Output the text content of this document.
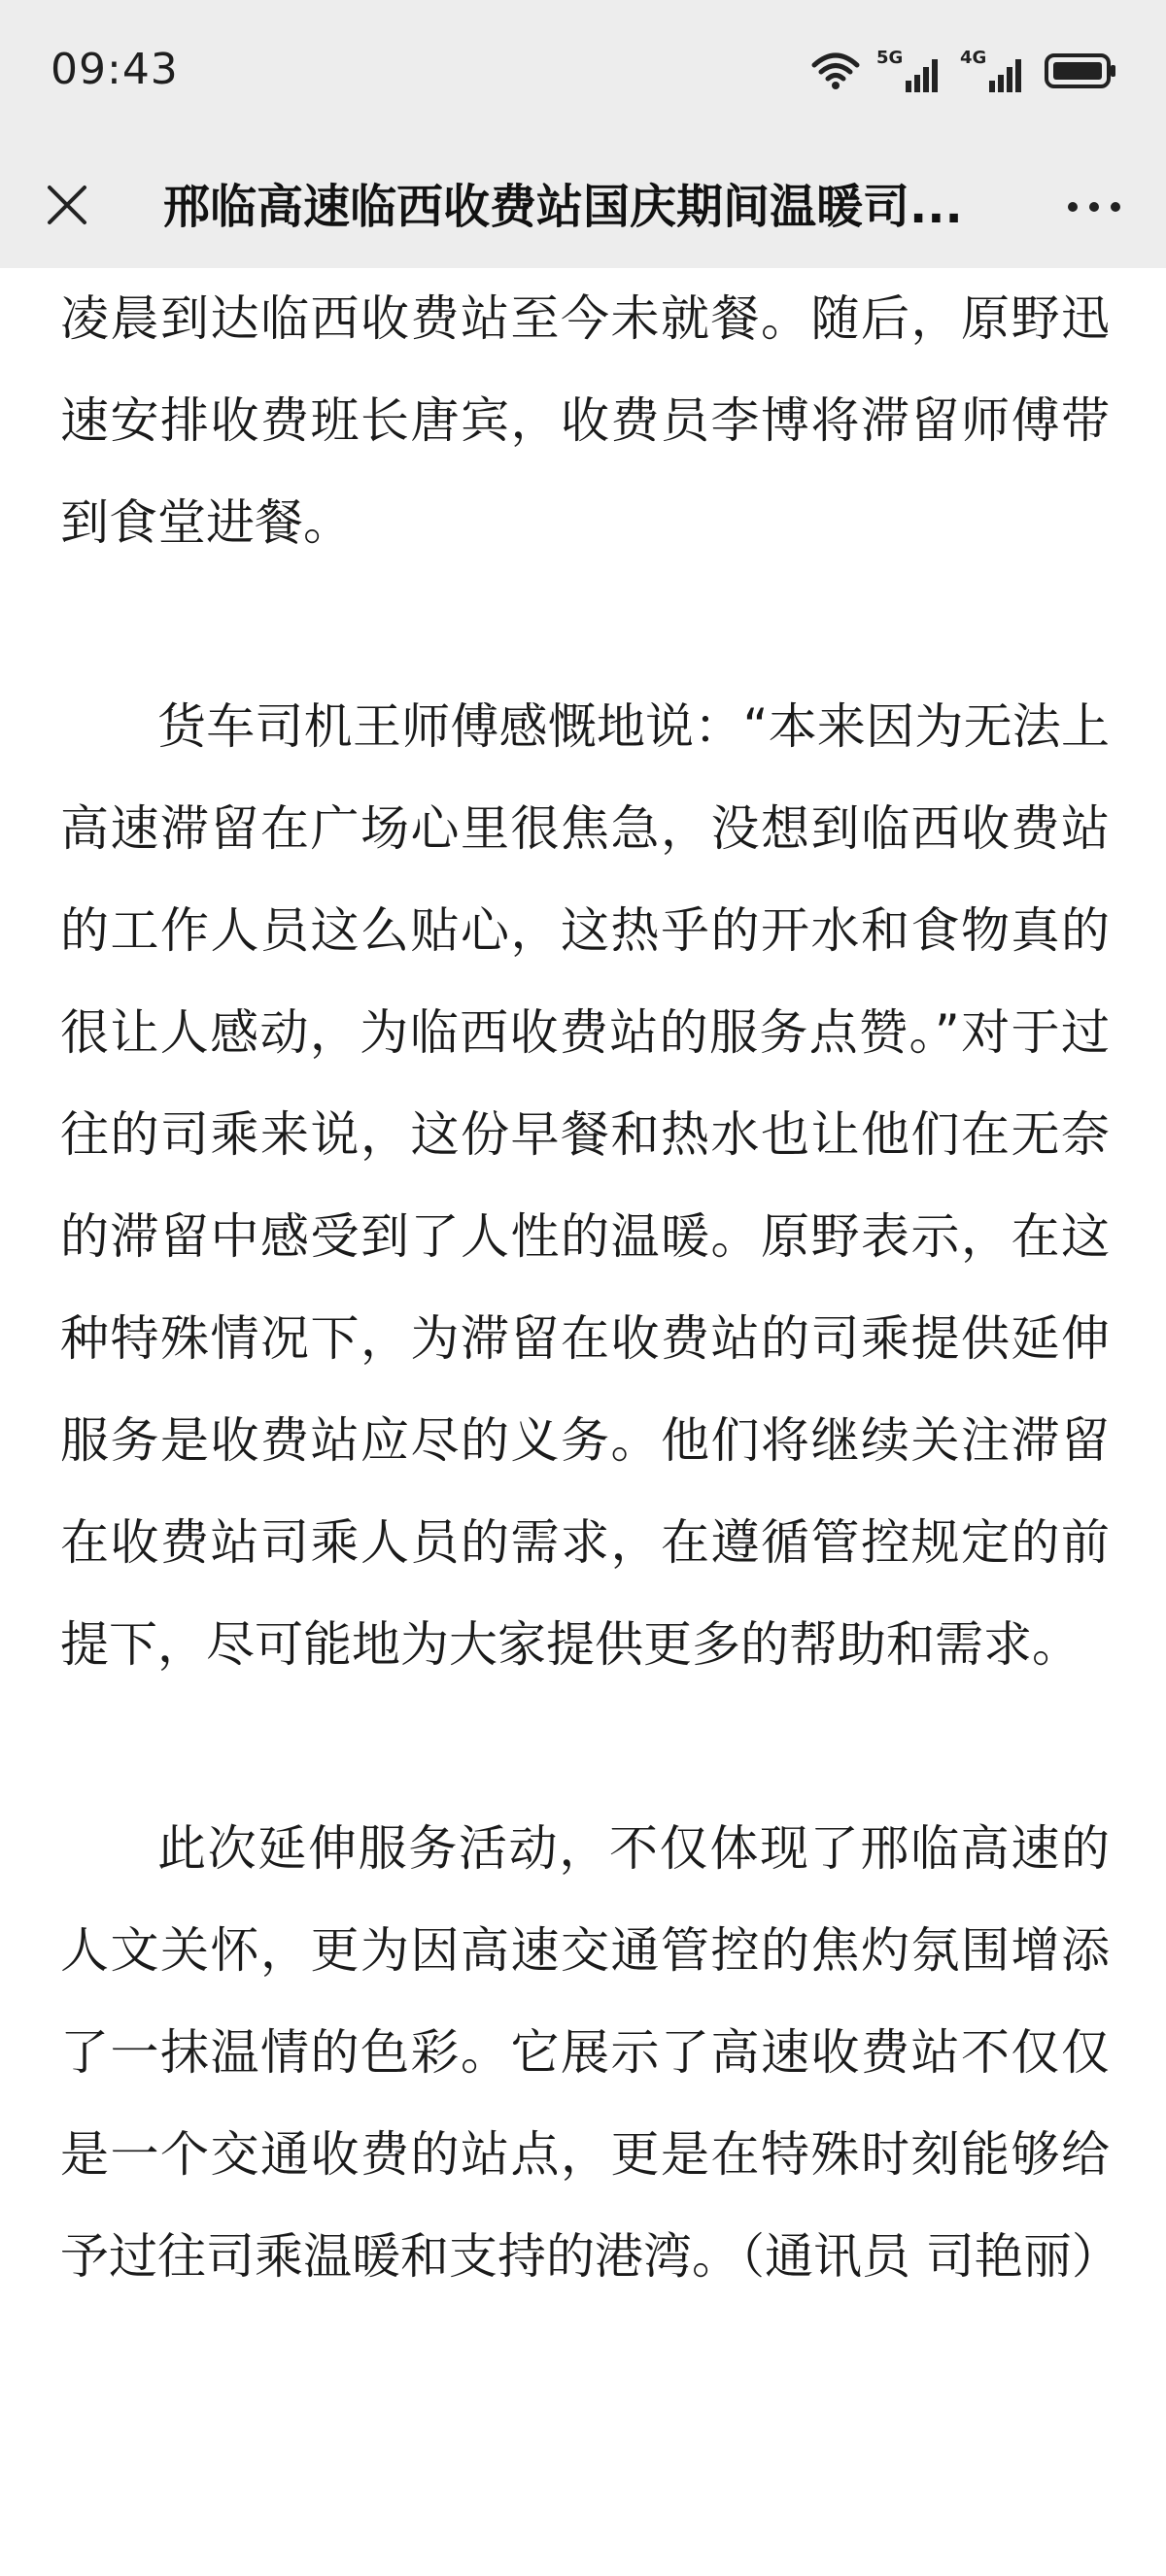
09:43	5G	4G
邢临高速临西收费站国庆期间温暖司...

凌晨到达临西收费站至今未就餐。随后，原野迅速安排收费班长唐宾，收费员李博将滞留师傅带到食堂进餐。

货车司机王师傅感慨地说：“本来因为无法上高速滞留在广场心里很焦急，没想到临西收费站的工作人员这么贴心，这热乎的开水和食物真的很让人感动，为临西收费站的服务点赞。”对于过往的司乘来说，这份早餐和热水也让他们在无奈的滞留中感受到了人性的温暖。原野表示，在这种特殊情况下，为滞留在收费站的司乘提供延伸服务是收费站应尽的义务。他们将继续关注滞留在收费站司乘人员的需求，在遵循管控规定的前提下，尽可能地为大家提供更多的帮助和需求。

此次延伸服务活动，不仅体现了邢临高速的人文关怀，更为因高速交通管控的焦灼氛围增添了一抹温情的色彩。它展示了高速收费站不仅仅是一个交通收费的站点，更是在特殊时刻能够给予过往司乘温暖和支持的港湾。（通讯员 司艳丽）
